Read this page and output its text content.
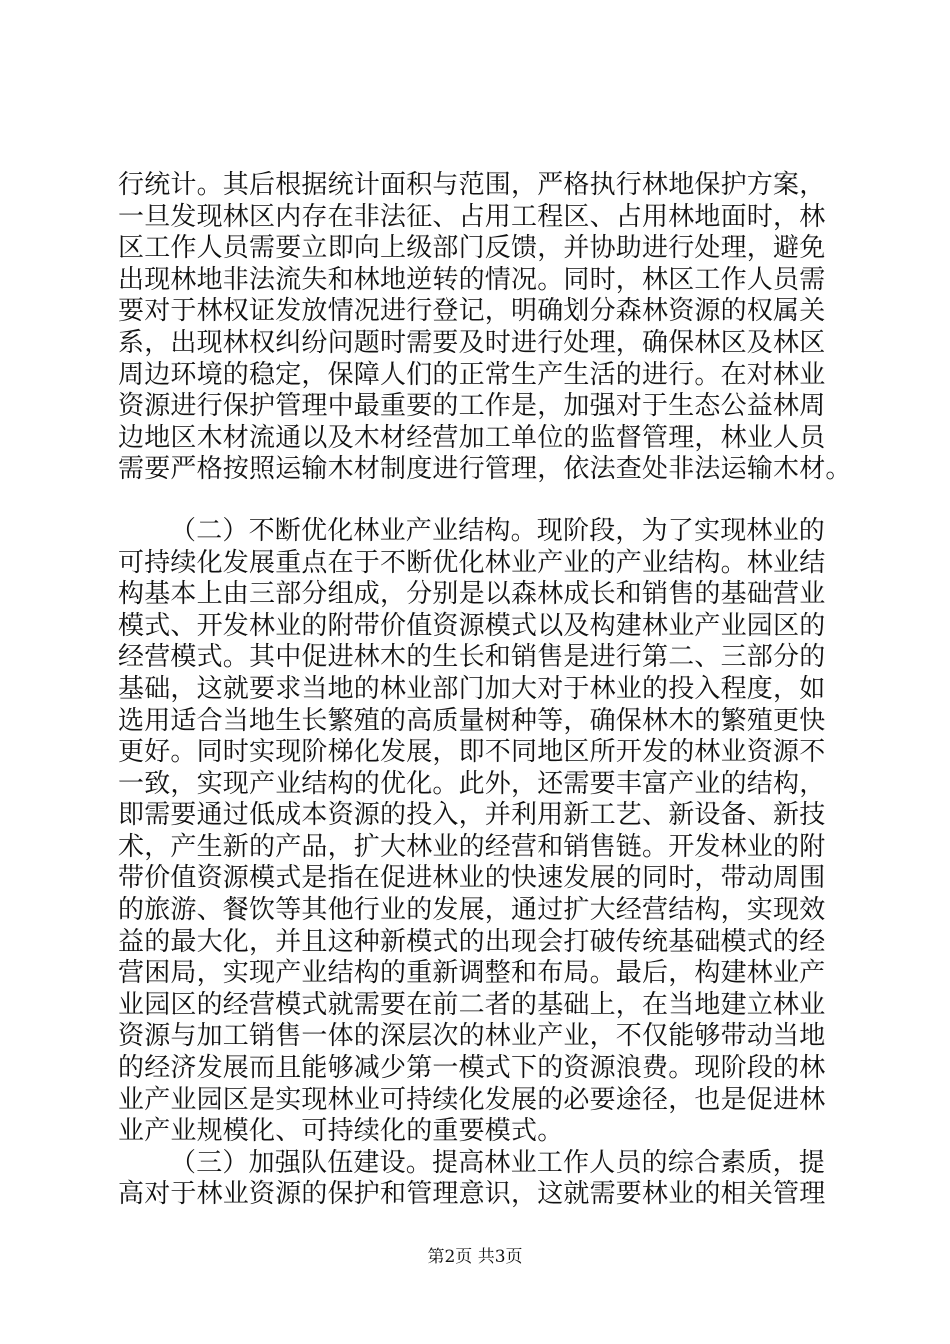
行统计。其后根据统计面积与范围，严格执行林地保护方案，
一旦发现林区内存在非法征、占用工程区、占用林地面时，林
区工作人员需要立即向上级部门反馈，并协助进行处理，避免
出现林地非法流失和林地逆转的情况。同时，林区工作人员需
要对于林权证发放情况进行登记，明确划分森林资源的权属关
系，出现林权纠纷问题时需要及时进行处理，确保林区及林区
周边环境的稳定，保障人们的正常生产生活的进行。在对林业
资源进行保护管理中最重要的工作是，加强对于生态公益林周
边地区木材流通以及木材经营加工单位的监督管理，林业人员
需要严格按照运输木材制度进行管理，依法查处非法运输木材。
（二）不断优化林业产业结构。现阶段，为了实现林业的
可持续化发展重点在于不断优化林业产业的产业结构。林业结
构基本上由三部分组成，分别是以森林成长和销售的基础营业
模式、开发林业的附带价值资源模式以及构建林业产业园区的
经营模式。其中促进林木的生长和销售是进行第二、三部分的
基础，这就要求当地的林业部门加大对于林业的投入程度，如
选用适合当地生长繁殖的高质量树种等，确保林木的繁殖更快
更好。同时实现阶梯化发展，即不同地区所开发的林业资源不
一致，实现产业结构的优化。此外，还需要丰富产业的结构，
即需要通过低成本资源的投入，并利用新工艺、新设备、新技
术，产生新的产品，扩大林业的经营和销售链。开发林业的附
带价值资源模式是指在促进林业的快速发展的同时，带动周围
的旅游、餐饮等其他行业的发展，通过扩大经营结构，实现效
益的最大化，并且这种新模式的出现会打破传统基础模式的经
营困局，实现产业结构的重新调整和布局。最后，构建林业产
业园区的经营模式就需要在前二者的基础上，在当地建立林业
资源与加工销售一体的深层次的林业产业，不仅能够带动当地
的经济发展而且能够减少第一模式下的资源浪费。现阶段的林
业产业园区是实现林业可持续化发展的必要途径，也是促进林
业产业规模化、可持续化的重要模式。
（三）加强队伍建设。提高林业工作人员的综合素质，提
高对于林业资源的保护和管理意识，这就需要林业的相关管理
第2页 共3页
